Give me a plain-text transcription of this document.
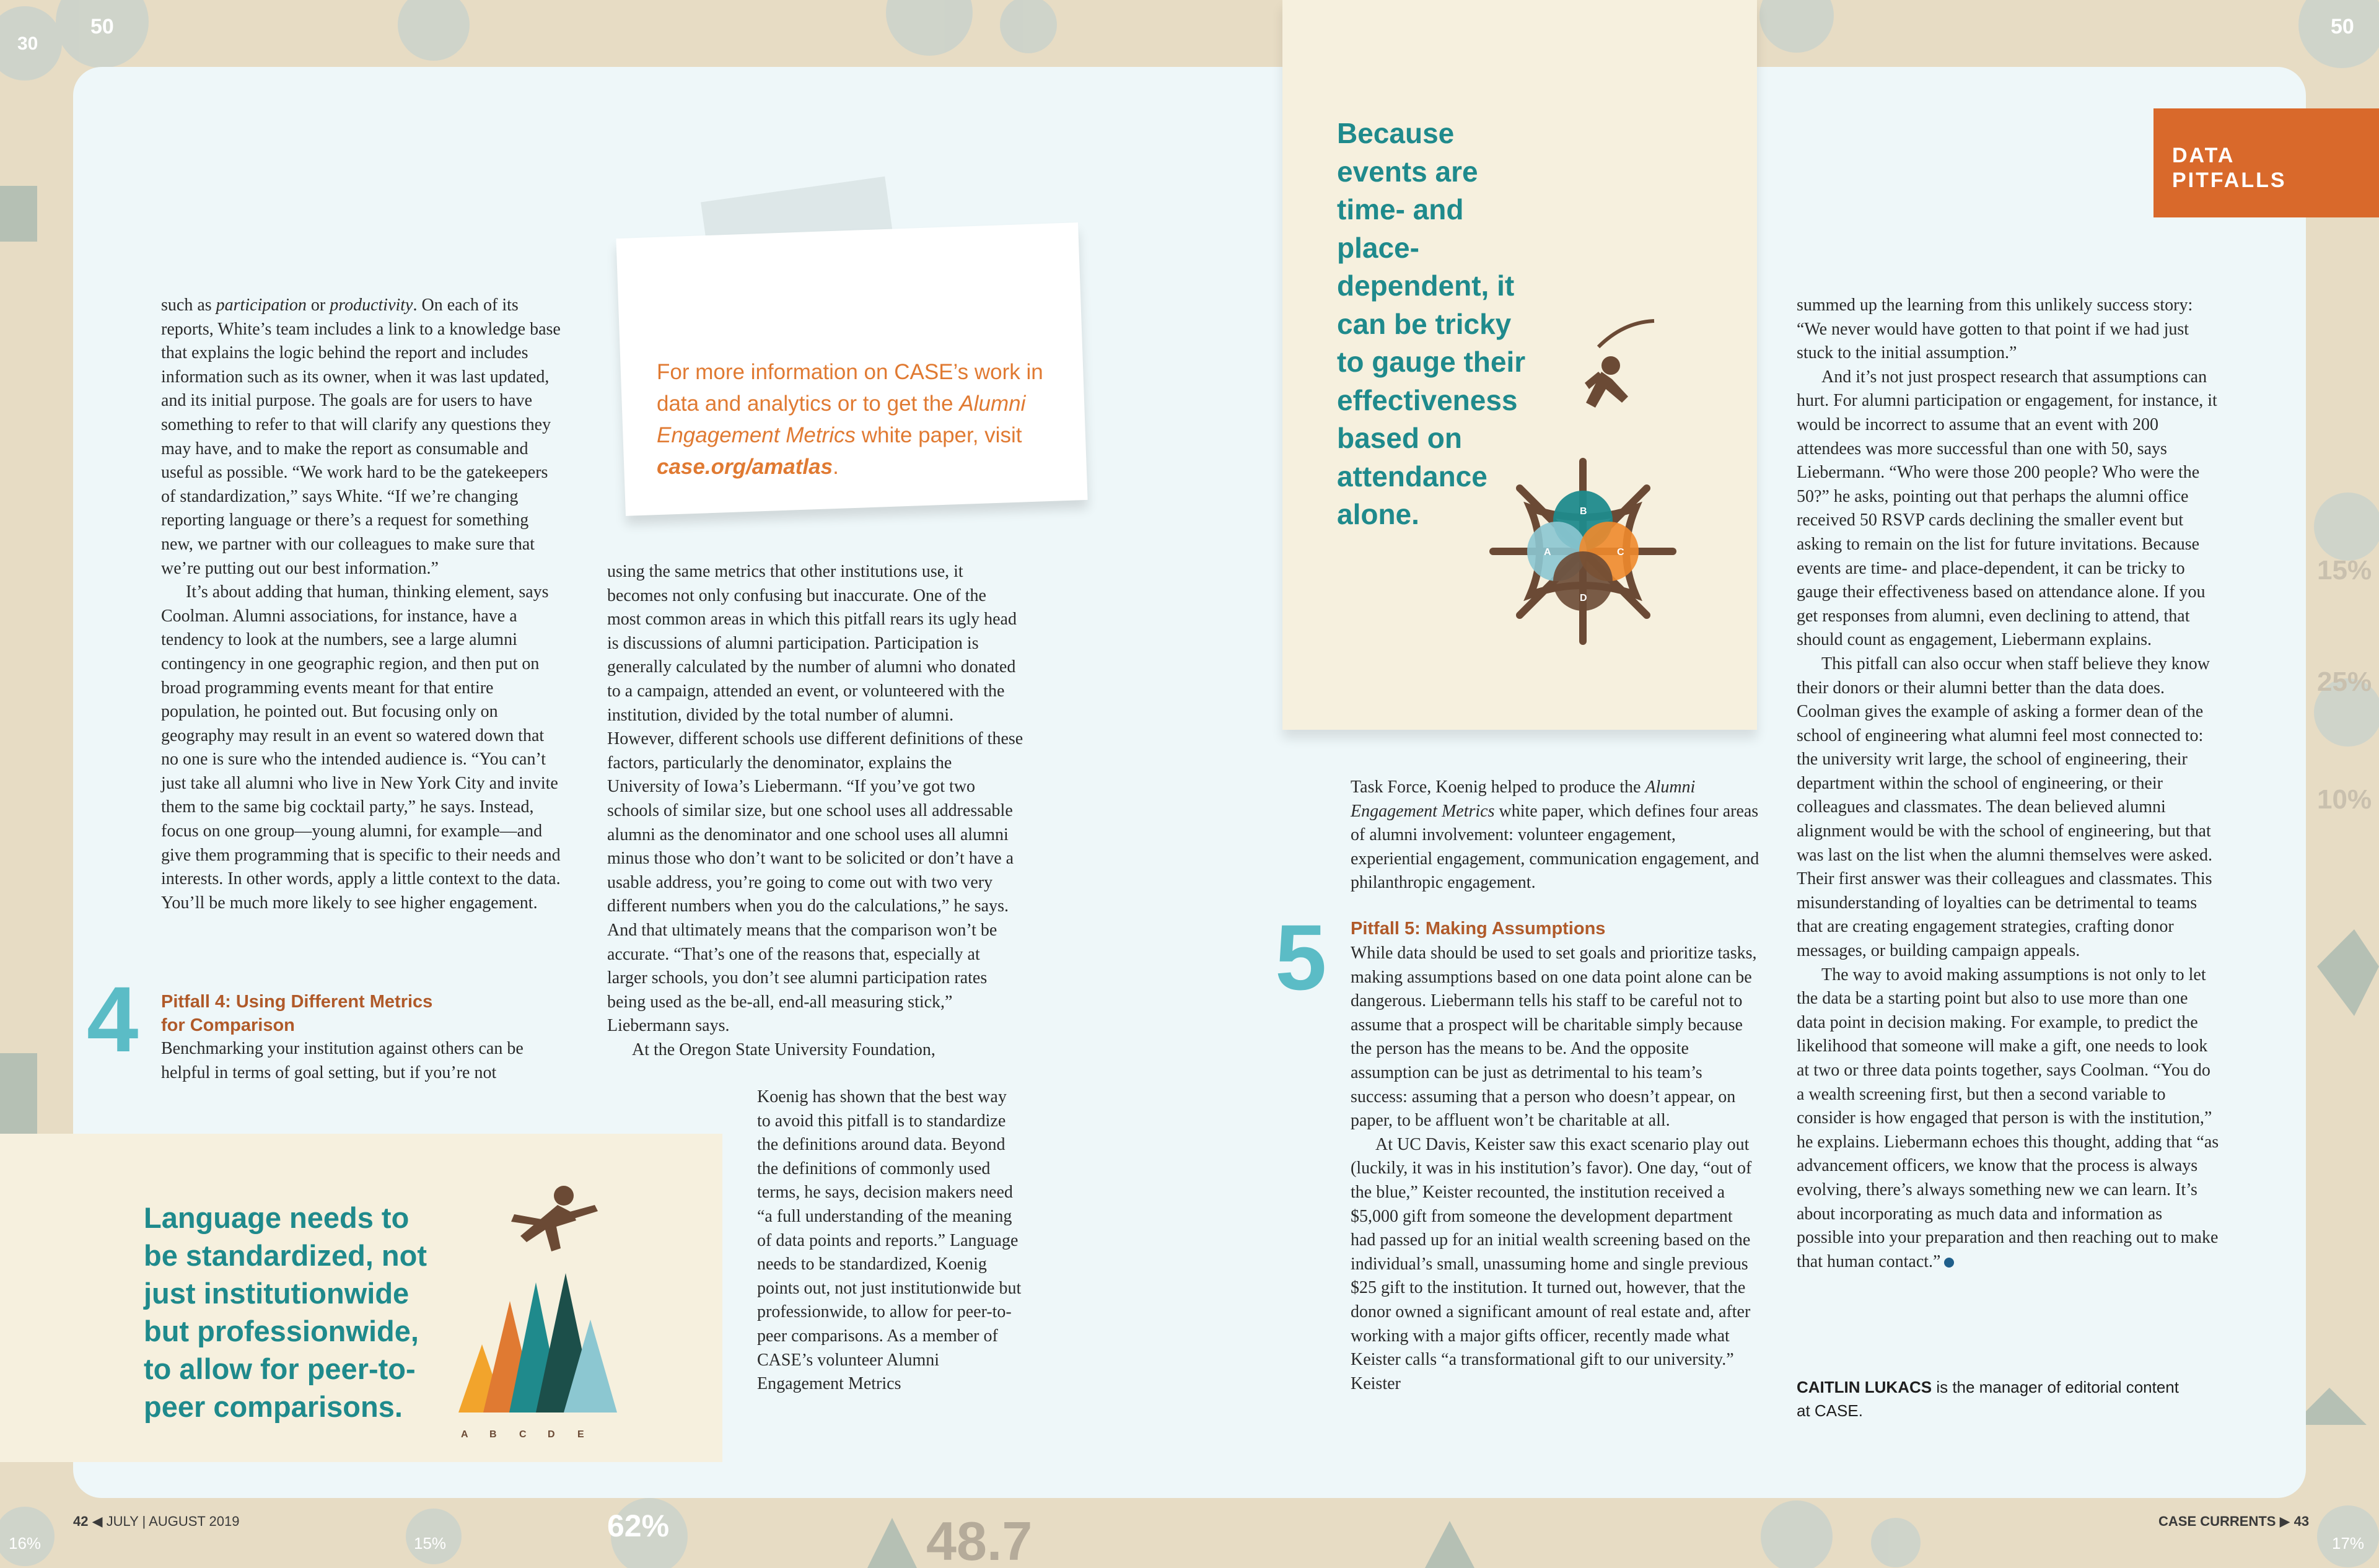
30
50	50
15%
25%
10%
62%	48.7
16%	15%	17%
DATA
PITFALLS
For more information on CASE’s work in data and analytics or to get the Alumni Engagement Metrics white paper, visit case.org/amatlas.

such as participation or productivity. On each of its reports, White’s team includes a link to a knowledge base that explains the logic behind the report and includes information such as its owner, when it was last updated, and its initial purpose. The goals are for users to have something to refer to that will clarify any questions they may have, and to make the report as consumable and useful as possible. “We work hard to be the gatekeepers of standardization,” says White. “If we’re changing reporting language or there’s a request for something new, we partner with our colleagues to make sure that we’re putting out our best information.”

It’s about adding that human, thinking element, says Coolman. Alumni associations, for instance, have a tendency to look at the numbers, see a large alumni contingency in one geographic region, and then put on broad programming events meant for that entire population, he pointed out. But focusing only on geography may result in an event so watered down that no one is sure who the intended audience is. “You can’t just take all alumni who live in New York City and invite them to the same big cocktail party,” he says. Instead, focus on one group—young alumni, for example—and give them programming that is specific to their needs and interests. In other words, apply a little context to the data. You’ll be much more likely to see higher engagement.

4 Pitfall 4: Using Different Metrics
for Comparison
Benchmarking your institution against others can be helpful in terms of goal setting, but if you’re not

using the same metrics that other institutions use, it becomes not only confusing but inaccurate. One of the most common areas in which this pitfall rears its ugly head is discussions of alumni participation. Participation is generally calculated by the number of alumni who donated to a campaign, attended an event, or volunteered with the institution, divided by the total number of alumni. However, different schools use different definitions of these factors, particularly the denominator, explains the University of Iowa’s Liebermann. “If you’ve got two schools of similar size, but one school uses all addressable alumni as the denominator and one school uses all alumni minus those who don’t want to be solicited or don’t have a usable address, you’re going to come out with two very different numbers when you do the calculations,” he says. And that ultimately means that the comparison won’t be accurate. “That’s one of the reasons that, especially at larger schools, you don’t see alumni participation rates being used as the be-all, end-all measuring stick,” Liebermann says.

At the Oregon State University Foundation,

Koenig has shown that the best way to avoid this pitfall is to standardize the definitions around data. Beyond the definitions of commonly used terms, he says, decision makers need “a full understanding of the meaning of data points and reports.” Language needs to be standardized, Koenig points out, not just institutionwide but professionwide, to allow for peer-to-peer comparisons. As a member of CASE’s volunteer Alumni Engagement Metrics
Language needs to be standardized, not just institutionwide but professionwide, to allow for peer-to-peer comparisons.
A B C D E
Because events are time- and place-dependent, it can be tricky to gauge their effectiveness based on attendance alone.	B
A	C
D

Task Force, Koenig helped to produce the Alumni Engagement Metrics white paper, which defines four areas of alumni involvement: volunteer engagement, experiential engagement, communication engagement, and philanthropic engagement.

5 Pitfall 5: Making Assumptions

While data should be used to set goals and prioritize tasks, making assumptions based on one data point alone can be dangerous. Liebermann tells his staff to be careful not to assume that a prospect will be charitable simply because the person has the means to be. And the opposite assumption can be just as detrimental to his team’s success: assuming that a person who doesn’t appear, on paper, to be affluent won’t be charitable at all.

At UC Davis, Keister saw this exact scenario play out (luckily, it was in his institution’s favor). One day, “out of the blue,” Keister recounted, the institution received a $5,000 gift from someone the development department had passed up for an initial wealth screening based on the individual’s small, unassuming home and single previous $25 gift to the institution. It turned out, however, that the donor owned a significant amount of real estate and, after working with a major gifts officer, recently made what Keister calls “a transformational gift to our university.” Keister

summed up the learning from this unlikely success story: “We never would have gotten to that point if we had just stuck to the initial assumption.”

And it’s not just prospect research that assumptions can hurt. For alumni participation or engagement, for instance, it would be incorrect to assume that an event with 200 attendees was more successful than one with 50, says Liebermann. “Who were those 200 people? Who were the 50?” he asks, pointing out that perhaps the alumni office received 50 RSVP cards declining the smaller event but asking to remain on the list for future invitations. Because events are time- and place-dependent, it can be tricky to gauge their effectiveness based on attendance alone. If you get responses from alumni, even declining to attend, that should count as engagement, Liebermann explains.

This pitfall can also occur when staff believe they know their donors or their alumni better than the data does. Coolman gives the example of asking a former dean of the school of engineering what alumni feel most connected to: the university writ large, the school of engineering, their department within the school of engineering, or their colleagues and classmates. The dean believed alumni alignment would be with the school of engineering, but that was last on the list when the alumni themselves were asked. Their first answer was their colleagues and classmates. This misunderstanding of loyalties can be detrimental to teams that are creating engagement strategies, crafting donor messages, or building campaign appeals.

The way to avoid making assumptions is not only to let the data be a starting point but also to use more than one data point in decision making. For example, to predict the likelihood that someone will make a gift, one needs to look at two or three data points together, says Coolman. “You do a wealth screening first, but then a second variable to consider is how engaged that person is with the institution,” he explains. Liebermann echoes this thought, adding that “as advancement officers, we know that the process is always evolving, there’s always something new we can learn. It’s about incorporating as much data and information as possible into your preparation and then reaching out to make that human contact.”

CAITLIN LUKACS is the manager of editorial content at CASE.
42 ◀ JULY | AUGUST 2019	CASE CURRENTS ▶ 43
